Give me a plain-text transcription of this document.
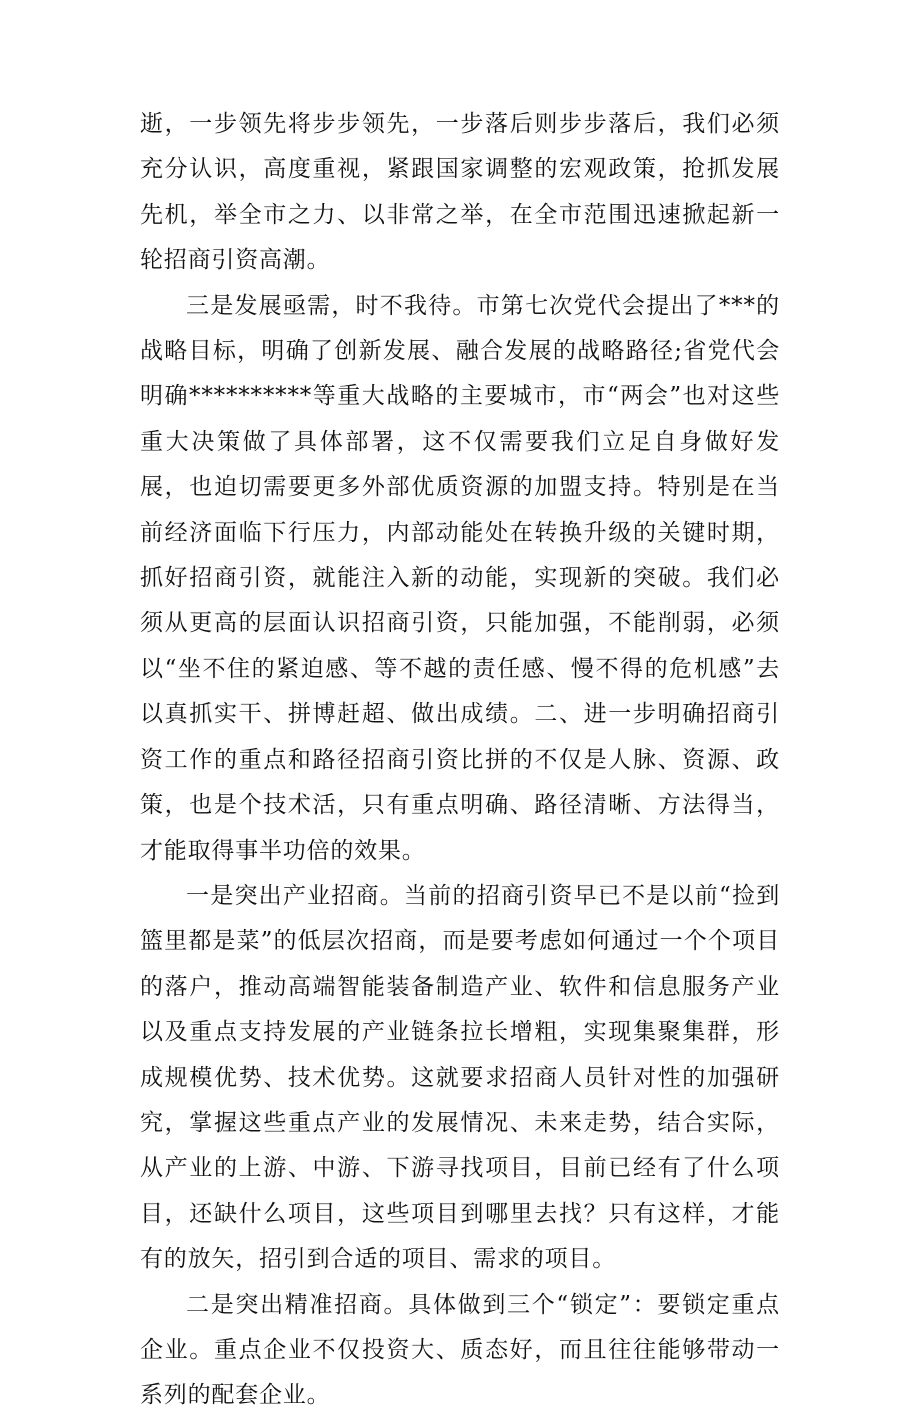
逝，一步领先将步步领先，一步落后则步步落后，我们必须充分认识，高度重视，紧跟国家调整的宏观政策，抢抓发展先机，举全市之力、以非常之举，在全市范围迅速掀起新一轮招商引资高潮。

三是发展亟需，时不我待。市第七次党代会提出了***的战略目标，明确了创新发展、融合发展的战略路径;省党代会明确**********等重大战略的主要城市，市“两会”也对这些重大决策做了具体部署，这不仅需要我们立足自身做好发展，也迫切需要更多外部优质资源的加盟支持。特别是在当前经济面临下行压力，内部动能处在转换升级的关键时期，抓好招商引资，就能注入新的动能，实现新的突破。我们必须从更高的层面认识招商引资，只能加强，不能削弱，必须以“坐不住的紧迫感、等不越的责任感、慢不得的危机感”去以真抓实干、拼博赶超、做出成绩。二、进一步明确招商引资工作的重点和路径招商引资比拼的不仅是人脉、资源、政策，也是个技术活，只有重点明确、路径清晰、方法得当，才能取得事半功倍的效果。

一是突出产业招商。当前的招商引资早已不是以前“捡到篮里都是菜”的低层次招商，而是要考虑如何通过一个个项目的落户，推动高端智能装备制造产业、软件和信息服务产业以及重点支持发展的产业链条拉长增粗，实现集聚集群，形成规模优势、技术优势。这就要求招商人员针对性的加强研究，掌握这些重点产业的发展情况、未来走势，结合实际，从产业的上游、中游、下游寻找项目，目前已经有了什么项目，还缺什么项目，这些项目到哪里去找？只有这样，才能有的放矢，招引到合适的项目、需求的项目。

二是突出精准招商。具体做到三个“锁定”：要锁定重点企业。重点企业不仅投资大、质态好，而且往往能够带动一系列的配套企业。
